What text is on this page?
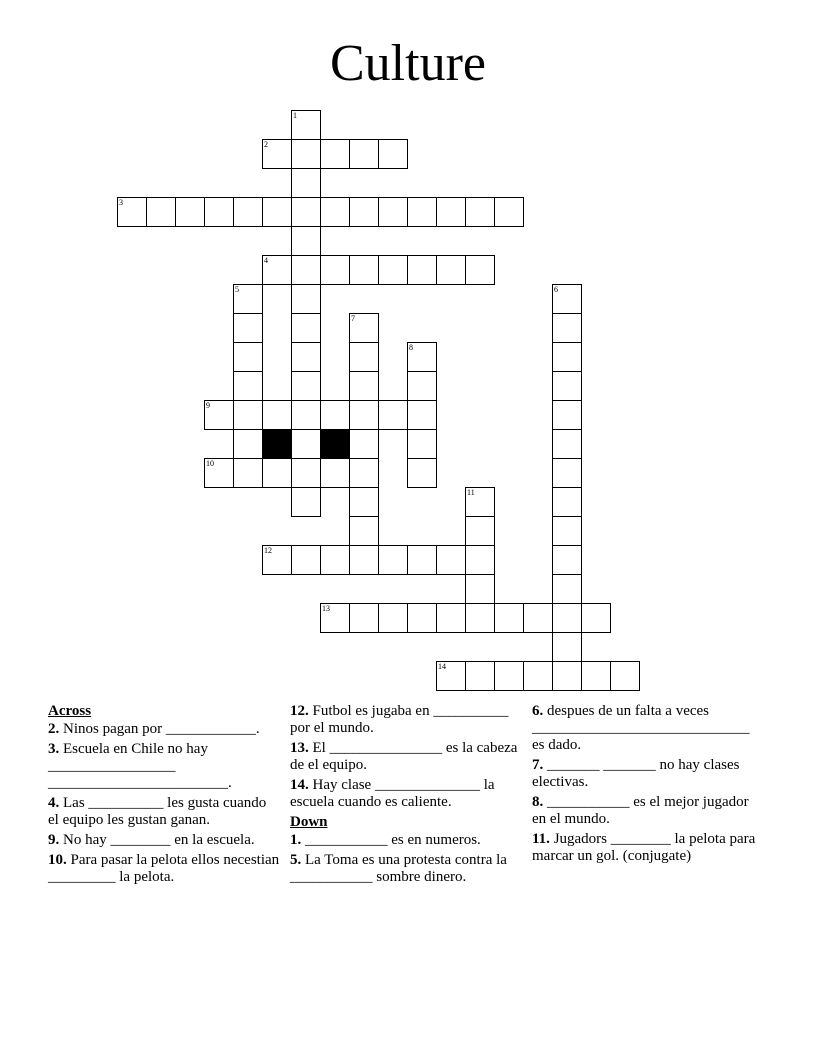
Culture
1
2
3
4
5	6
7
8
9
10
11
12
13
14
Across
2. Ninos pagan por ____________.
3. Escuela en Chile no hay _________________ ________________________.
4. Las __________ les gusta cuando el equipo les gustan ganan.
9. No hay ________ en la escuela.
10. Para pasar la pelota ellos necestian _________ la pelota.
12. Futbol es jugaba en __________ por el mundo.
13. El _______________ es la cabeza de el equipo.
14. Hay clase ______________ la escuela cuando es caliente.
Down
1. ___________ es en numeros.
5. La Toma es una protesta contra la ___________ sombre dinero.
6. despues de un falta a veces _____________________________ es dado.
7. _______ _______ no hay clases electivas.
8. ___________ es el mejor jugador en el mundo.
11. Jugadors ________ la pelota para marcar un gol. (conjugate)
